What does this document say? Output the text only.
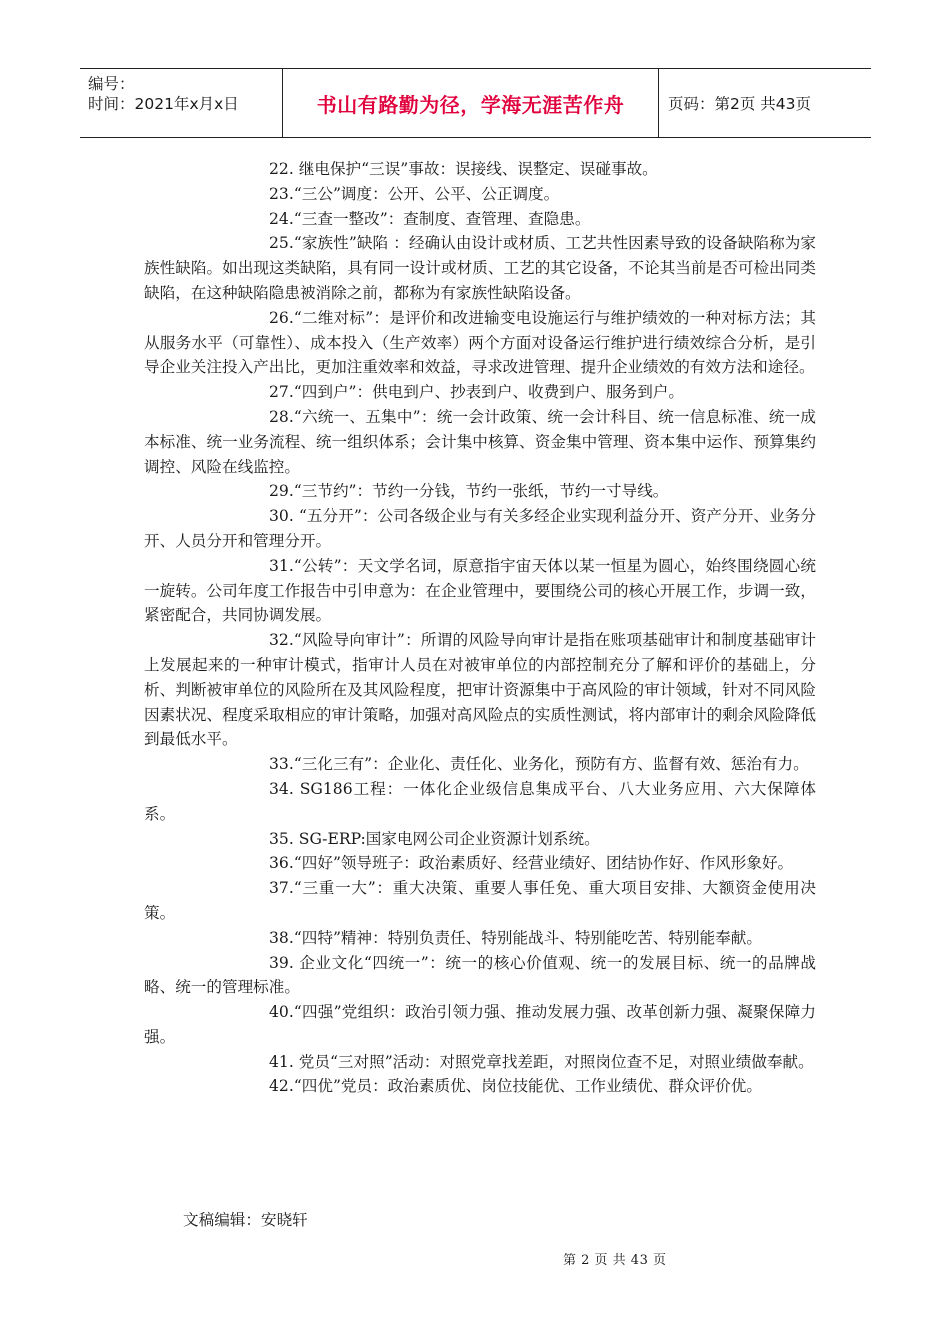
编号：
时间：2021年x月x日	书山有路勤为径，学海无涯苦作舟	页码：第2页 共43页

22. 继电保护“三误”事故：误接线、误整定、误碰事故。

23.“三公”调度：公开、公平、公正调度。

24.“三查一整改”：查制度、查管理、查隐患。

25.“家族性”缺陷 ：经确认由设计或材质、工艺共性因素导致的设备缺陷称为家族性缺陷。如出现这类缺陷，具有同一设计或材质、工艺的其它设备，不论其当前是否可检出同类缺陷，在这种缺陷隐患被消除之前，都称为有家族性缺陷设备。

26.“二维对标”：是评价和改进输变电设施运行与维护绩效的一种对标方法；其从服务水平（可靠性）、成本投入（生产效率）两个方面对设备运行维护进行绩效综合分析，是引导企业关注投入产出比，更加注重效率和效益，寻求改进管理、提升企业绩效的有效方法和途径。

27.“四到户”：供电到户、抄表到户、收费到户、服务到户。

28.“六统一、五集中”：统一会计政策、统一会计科目、统一信息标准、统一成本标准、统一业务流程、统一组织体系；会计集中核算、资金集中管理、资本集中运作、预算集约调控、风险在线监控。

29.“三节约”：节约一分钱，节约一张纸，节约一寸导线。

30. “五分开”：公司各级企业与有关多经企业实现利益分开、资产分开、业务分开、人员分开和管理分开。

31.“公转”：天文学名词，原意指宇宙天体以某一恒星为圆心，始终围绕圆心统一旋转。公司年度工作报告中引申意为：在企业管理中，要围绕公司的核心开展工作，步调一致，紧密配合，共同协调发展。

32.“风险导向审计”：所谓的风险导向审计是指在账项基础审计和制度基础审计上发展起来的一种审计模式，指审计人员在对被审单位的内部控制充分了解和评价的基础上，分析、判断被审单位的风险所在及其风险程度，把审计资源集中于高风险的审计领域，针对不同风险因素状况、程度采取相应的审计策略，加强对高风险点的实质性测试，将内部审计的剩余风险降低到最低水平。

33.“三化三有”：企业化、责任化、业务化，预防有方、监督有效、惩治有力。

34. SG186工程：一体化企业级信息集成平台、八大业务应用、六大保障体系。

35. SG-ERP:国家电网公司企业资源计划系统。

36.“四好”领导班子：政治素质好、经营业绩好、团结协作好、作风形象好。

37.“三重一大”：重大决策、重要人事任免、重大项目安排、大额资金使用决策。

38.“四特”精神：特别负责任、特别能战斗、特别能吃苦、特别能奉献。

39. 企业文化“四统一”：统一的核心价值观、统一的发展目标、统一的品牌战略、统一的管理标准。

40.“四强”党组织：政治引领力强、推动发展力强、改革创新力强、凝聚保障力强。

41. 党员“三对照”活动：对照党章找差距，对照岗位查不足，对照业绩做奉献。

42.“四优”党员：政治素质优、岗位技能优、工作业绩优、群众评价优。

文稿编辑：安晓轩
第 2 页 共 43 页
